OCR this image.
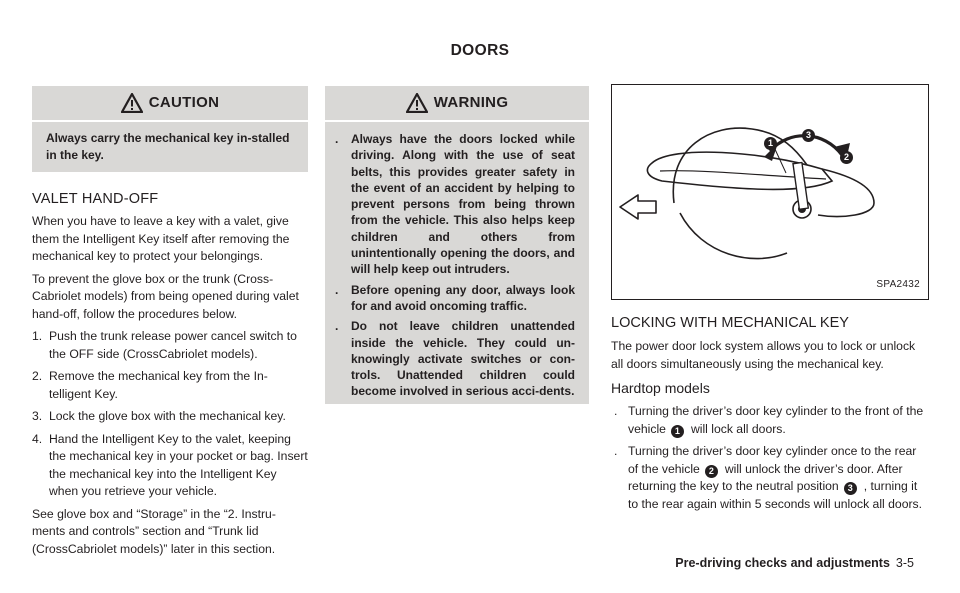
DOORS
CAUTION
Always carry the mechanical key in-stalled in the key.
VALET HAND-OFF

When you have to leave a key with a valet, give them the Intelligent Key itself after removing the mechanical key to protect your belongings.

To prevent the glove box or the trunk (Cross-Cabriolet models) from being opened during valet hand-off, follow the procedures below.

1. Push the trunk release power cancel switch to the OFF side (CrossCabriolet models).
2. Remove the mechanical key from the In-telligent Key.
3. Lock the glove box with the mechanical key.
4. Hand the Intelligent Key to the valet, keeping the mechanical key in your pocket or bag. Insert the mechanical key into the Intelligent Key when you retrieve your vehicle.

See glove box and “Storage” in the “2. Instru-ments and controls” section and “Trunk lid (CrossCabriolet models)” later in this section.

WARNING
.	Always have the doors locked while driving. Along with the use of seat belts, this provides greater safety in the event of an accident by helping to prevent persons from being thrown from the vehicle. This also helps keep children and others from unintentionally opening the doors, and will help keep out intruders.
.	Before opening any door, always look for and avoid oncoming traffic.
.	Do not leave children unattended inside the vehicle. They could un-knowingly activate switches or con-trols. Unattended children could become involved in serious acci-dents.
1
3
2
SPA2432
LOCKING WITH MECHANICAL KEY

The power door lock system allows you to lock or unlock all doors simultaneously using the mechanical key.

Hardtop models
. Turning the driver’s door key cylinder to the front of the vehicle 1 will lock all doors.
. Turning the driver’s door key cylinder once to the rear of the vehicle 2 will unlock the driver’s door. After returning the key to the neutral position 3 , turning it to the rear again within 5 seconds will unlock all doors.
Pre-driving checks and adjustments 3-5
